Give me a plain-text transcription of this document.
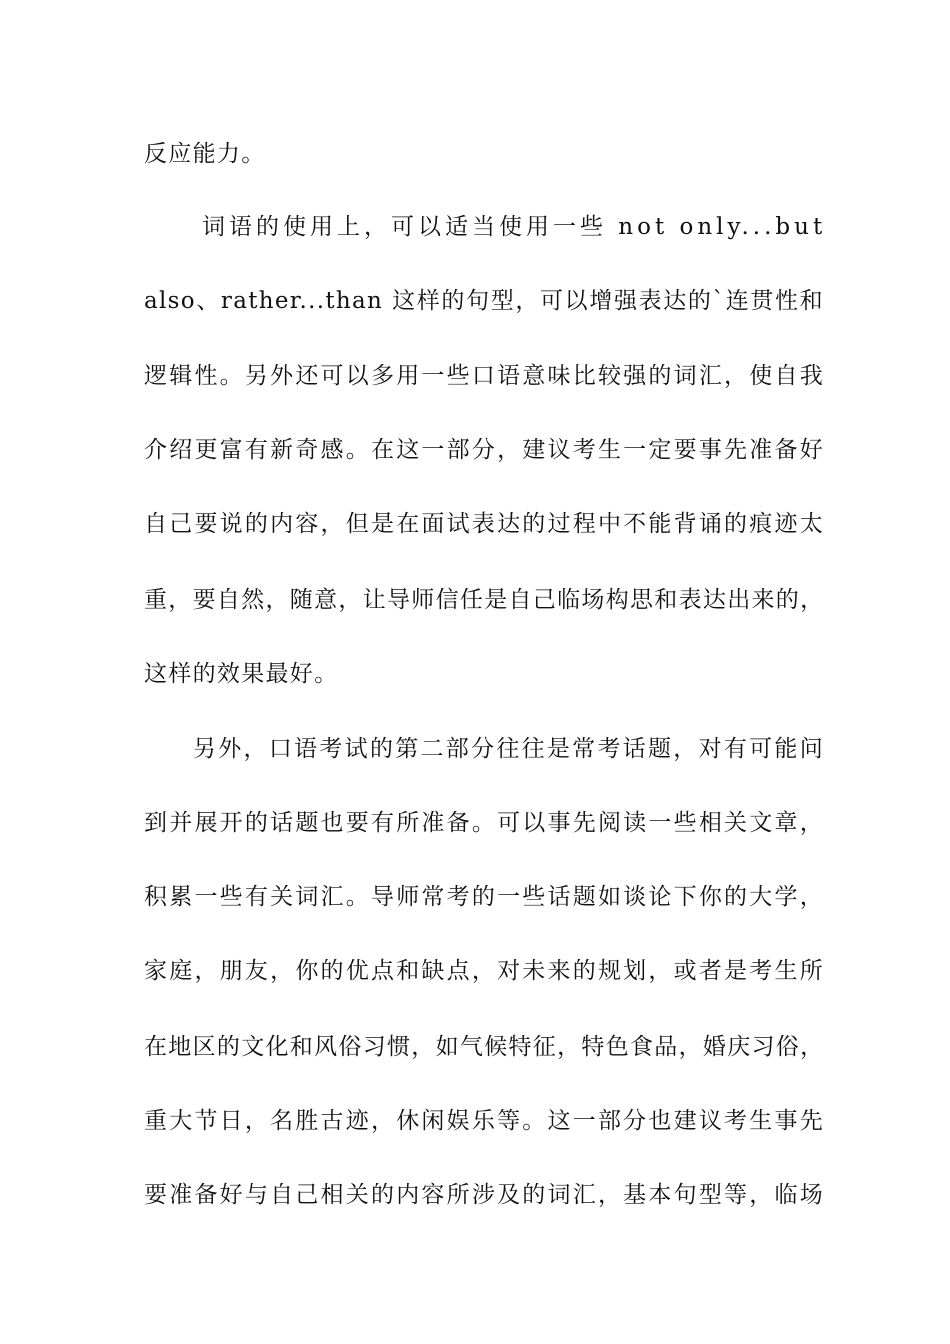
反应能力。
词语的使用上，可以适当使用一些 not only...but
also、rather...than 这样的句型，可以增强表达的`连贯性和
逻辑性。另外还可以多用一些口语意味比较强的词汇，使自我
介绍更富有新奇感。在这一部分，建议考生一定要事先准备好
自己要说的内容，但是在面试表达的过程中不能背诵的痕迹太
重，要自然，随意，让导师信任是自己临场构思和表达出来的，
这样的效果最好。
另外，口语考试的第二部分往往是常考话题，对有可能问
到并展开的话题也要有所准备。可以事先阅读一些相关文章，
积累一些有关词汇。导师常考的一些话题如谈论下你的大学，
家庭，朋友，你的优点和缺点，对未来的规划，或者是考生所
在地区的文化和风俗习惯，如气候特征，特色食品，婚庆习俗，
重大节日，名胜古迹，休闲娱乐等。这一部分也建议考生事先
要准备好与自己相关的内容所涉及的词汇，基本句型等，临场
